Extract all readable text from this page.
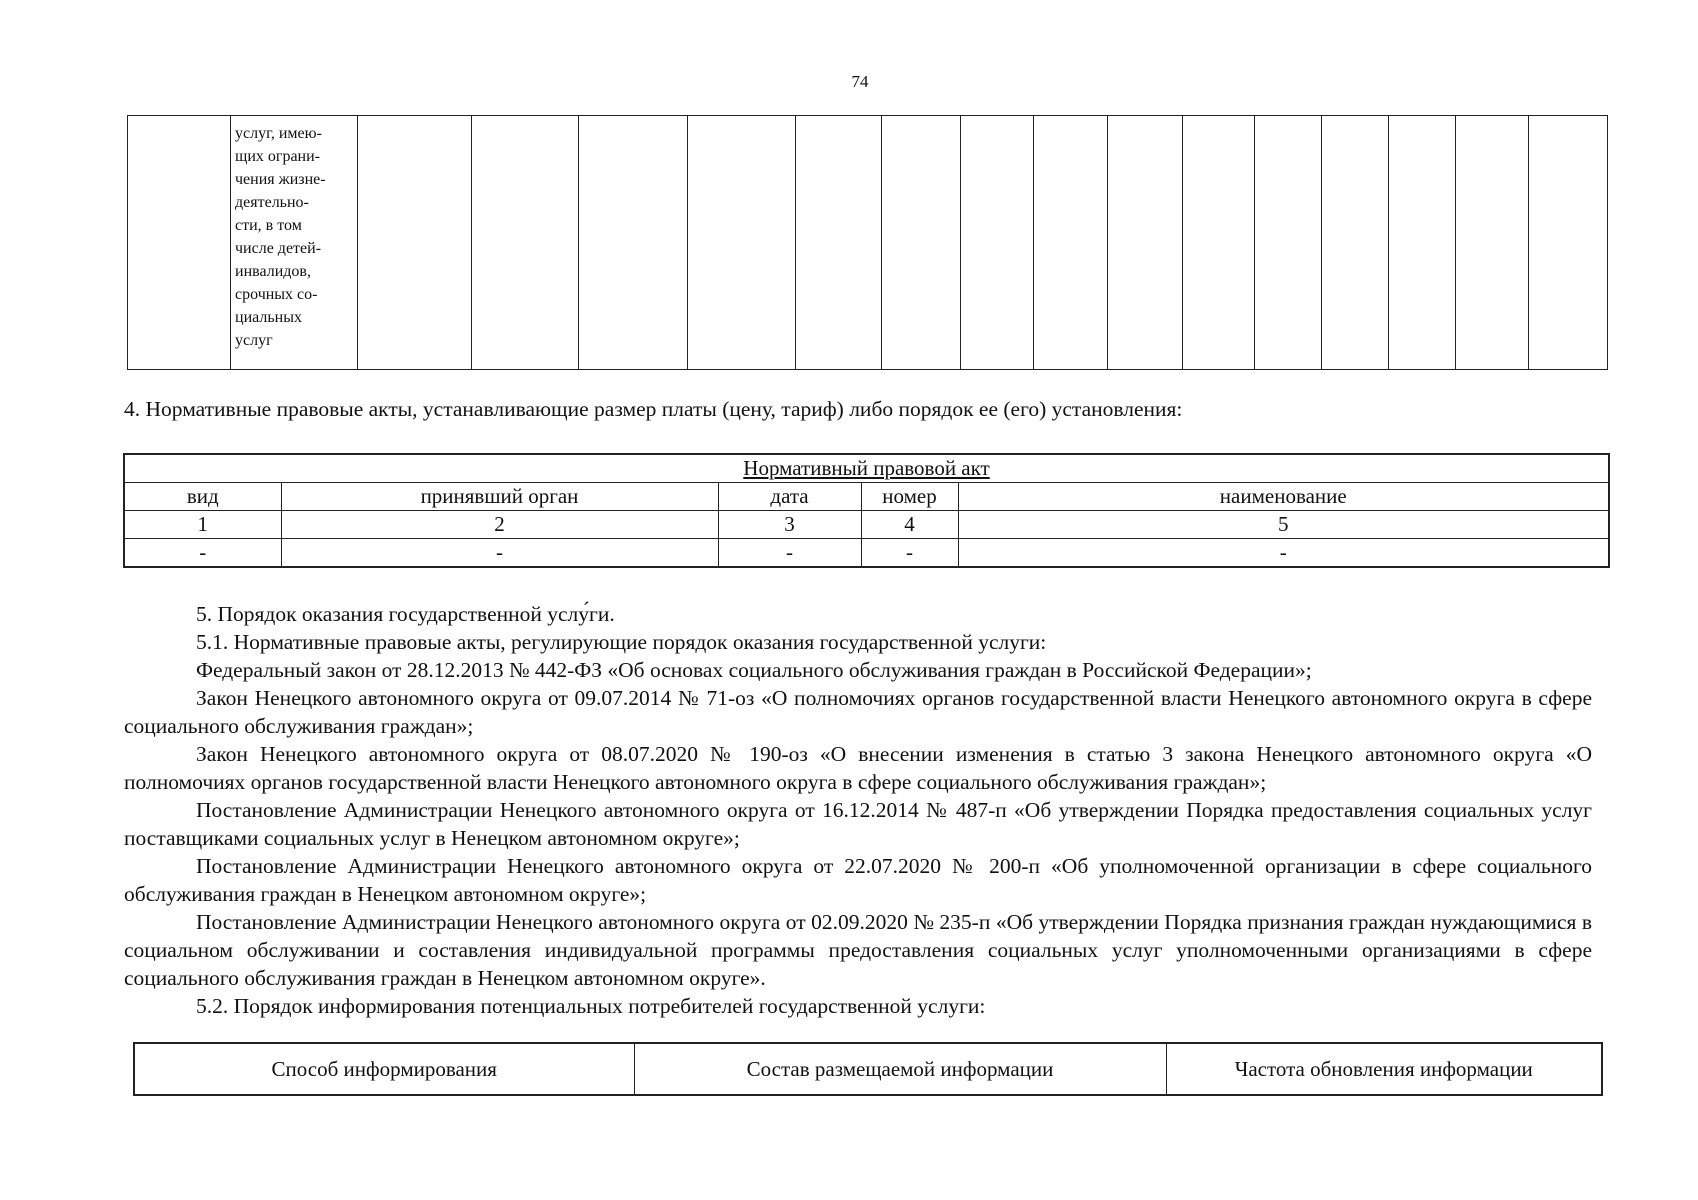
74

услуг, имею-
щих ограни-
чения жизне-
деятельно-
сти, в том
числе детей-
инвалидов,
срочных со-
циальных
услуг

4. Нормативные правовые акты, устанавливающие размер платы (цену, тариф) либо порядок ее (его) установления:
Нормативный правовой акт				
вид	принявший орган	дата	номер	наименование
1	2	3	4	5
-	-	-	-	-

5. Порядок оказания государственной услу́ги.

5.1. Нормативные правовые акты, регулирующие порядок оказания государственной услуги:

Федеральный закон от 28.12.2013 № 442-ФЗ «Об основах социального обслуживания граждан в Российской Федерации»;

Закон Ненецкого автономного округа от 09.07.2014 № 71-оз «О полномочиях органов государственной власти Ненецкого автономного округа в сфере социального обслуживания граждан»;

Закон Ненецкого автономного округа от 08.07.2020 № 190-оз «О внесении изменения в статью 3 закона Ненецкого автономного округа «О полномочиях органов государственной власти Ненецкого автономного округа в сфере социального обслуживания граждан»;

Постановление Администрации Ненецкого автономного округа от 16.12.2014 № 487-п «Об утверждении Порядка предоставления социальных услуг поставщиками социальных услуг в Ненецком автономном округе»;

Постановление Администрации Ненецкого автономного округа от 22.07.2020 № 200-п «Об уполномоченной организации в сфере социального обслуживания граждан в Ненецком автономном округе»;

Постановление Администрации Ненецкого автономного округа от 02.09.2020 № 235-п «Об утверждении Порядка признания граждан нуждающимися в социальном обслуживании и составления индивидуальной программы предоставления социальных услуг уполномоченными организациями в сфере социального обслуживания граждан в Ненецком автономном округе».

5.2. Порядок информирования потенциальных потребителей государственной услуги:

Способ информирования	Состав размещаемой информации	Частота обновления информации
